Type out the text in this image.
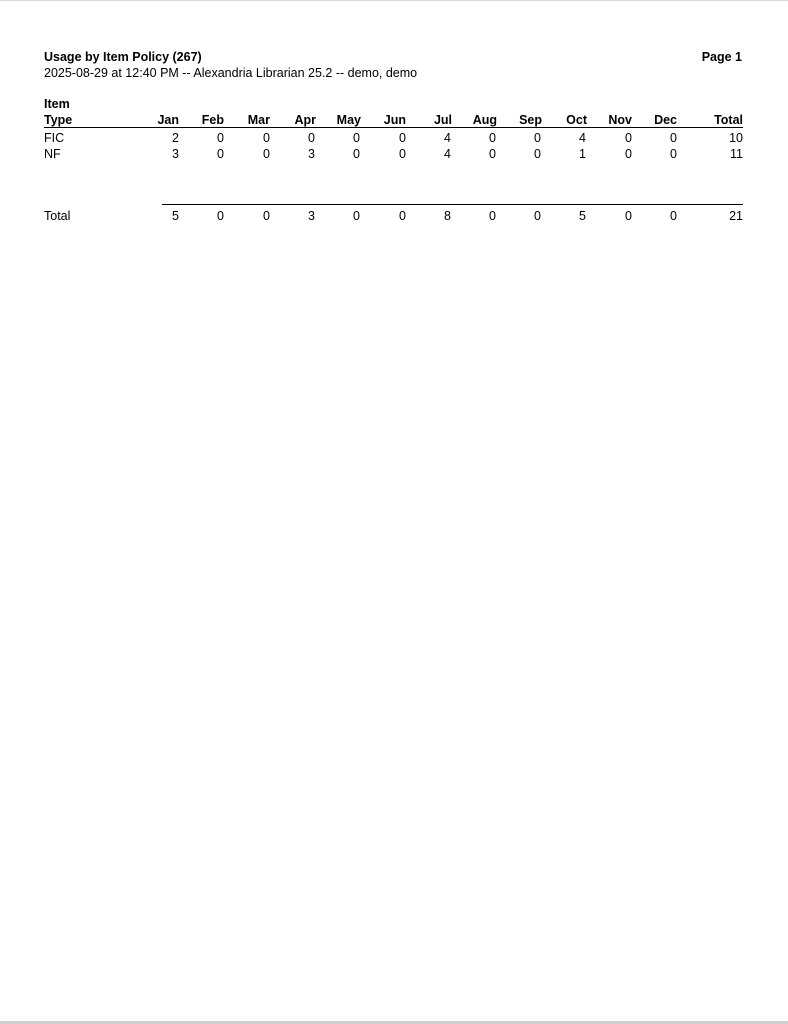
Usage by Item Policy (267)
2025-08-29 at 12:40 PM -- Alexandria Librarian 25.2 -- demo, demo
Page 1
Item
Type	Jan	Feb	Mar	Apr	May	Jun	Jul	Aug	Sep	Oct	Nov	Dec	Total
FIC	2	0	0	0	0	0	4	0	0	4	0	0	10
NF	3	0	0	3	0	0	4	0	0	1	0	0	11
Total	5	0	0	3	0	0	8	0	0	5	0	0	21
